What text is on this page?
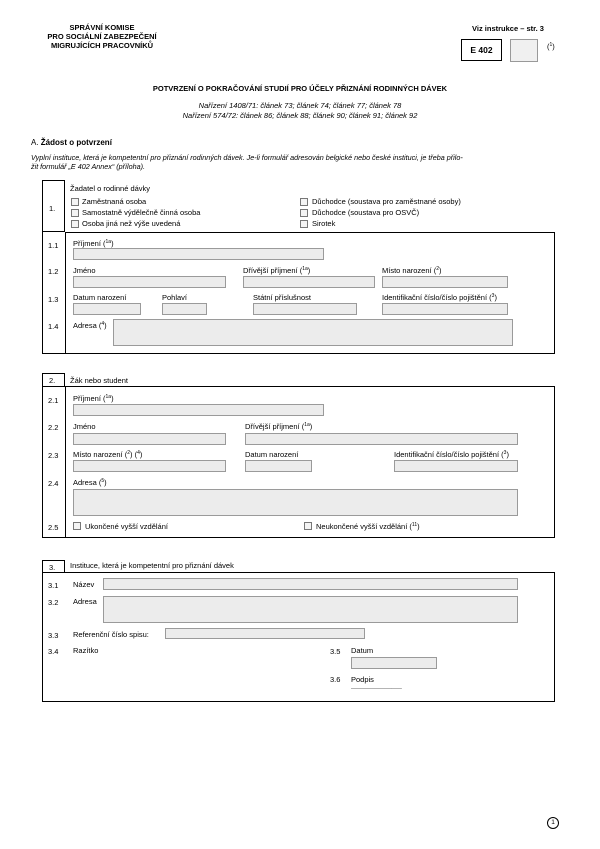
SPRÁVNÍ KOMISE
PRO SOCIÁLNÍ ZABEZPEČENÍ
MIGRUJÍCÍCH PRACOVNÍKŮ
Viz instrukce – str. 3
E 402	($^1$)
POTVRZENÍ O POKRAČOVÁNÍ STUDIÍ PRO ÚČELY PŘIZNÁNÍ RODINNÝCH DÁVEK
Nařízení 1408/71: článek 73; článek 74; článek 77; článek 78
Nařízení 574/72: článek 86; článek 88; článek 90; článek 91; článek 92
A. Žádost o potvrzení
Vyplní instituce, která je kompetentní pro přiznání rodinných dávek. Je-li formulář adresován belgické nebo české instituci, je třeba přilo-
žit formulář „E 402 Annex“ (příloha).
1.
Žadatel o rodinné dávky
Zaměstnaná osoba
Samostatně výdělečně činná osoba
Osoba jiná než výše uvedená
Důchodce (soustava pro zaměstnané osoby)
Důchodce (soustava pro OSVČ)
Sirotek
1.1 Příjmení ($^{1a}$)
1.2 Jméno	Dřívější příjmení ($^{1a}$)	Místo narození ($^2$)
1.3 Datum narození	Pohlaví	Státní příslušnost	Identifikační číslo/číslo pojištění ($^3$)
1.4 Adresa ($^4$)
2. Žák nebo student
2.1 Příjmení ($^{1a}$)
2.2 Jméno	Dřívější příjmení ($^{1a}$)
2.3 Místo narození ($^2$) ($^4$)	Datum narození	Identifikační číslo/číslo pojištění ($^3$)
2.4 Adresa ($^5$)
2.5	Ukončené vyšší vzdělání	Neukončené vyšší vzdělání ($^{11}$)
3. Instituce, která je kompetentní pro přiznání dávek
3.1 Název
3.2 Adresa
3.3 Referenční číslo spisu:
3.4 Razítko	3.5 Datum
3.6 Podpis
...................................................
1
